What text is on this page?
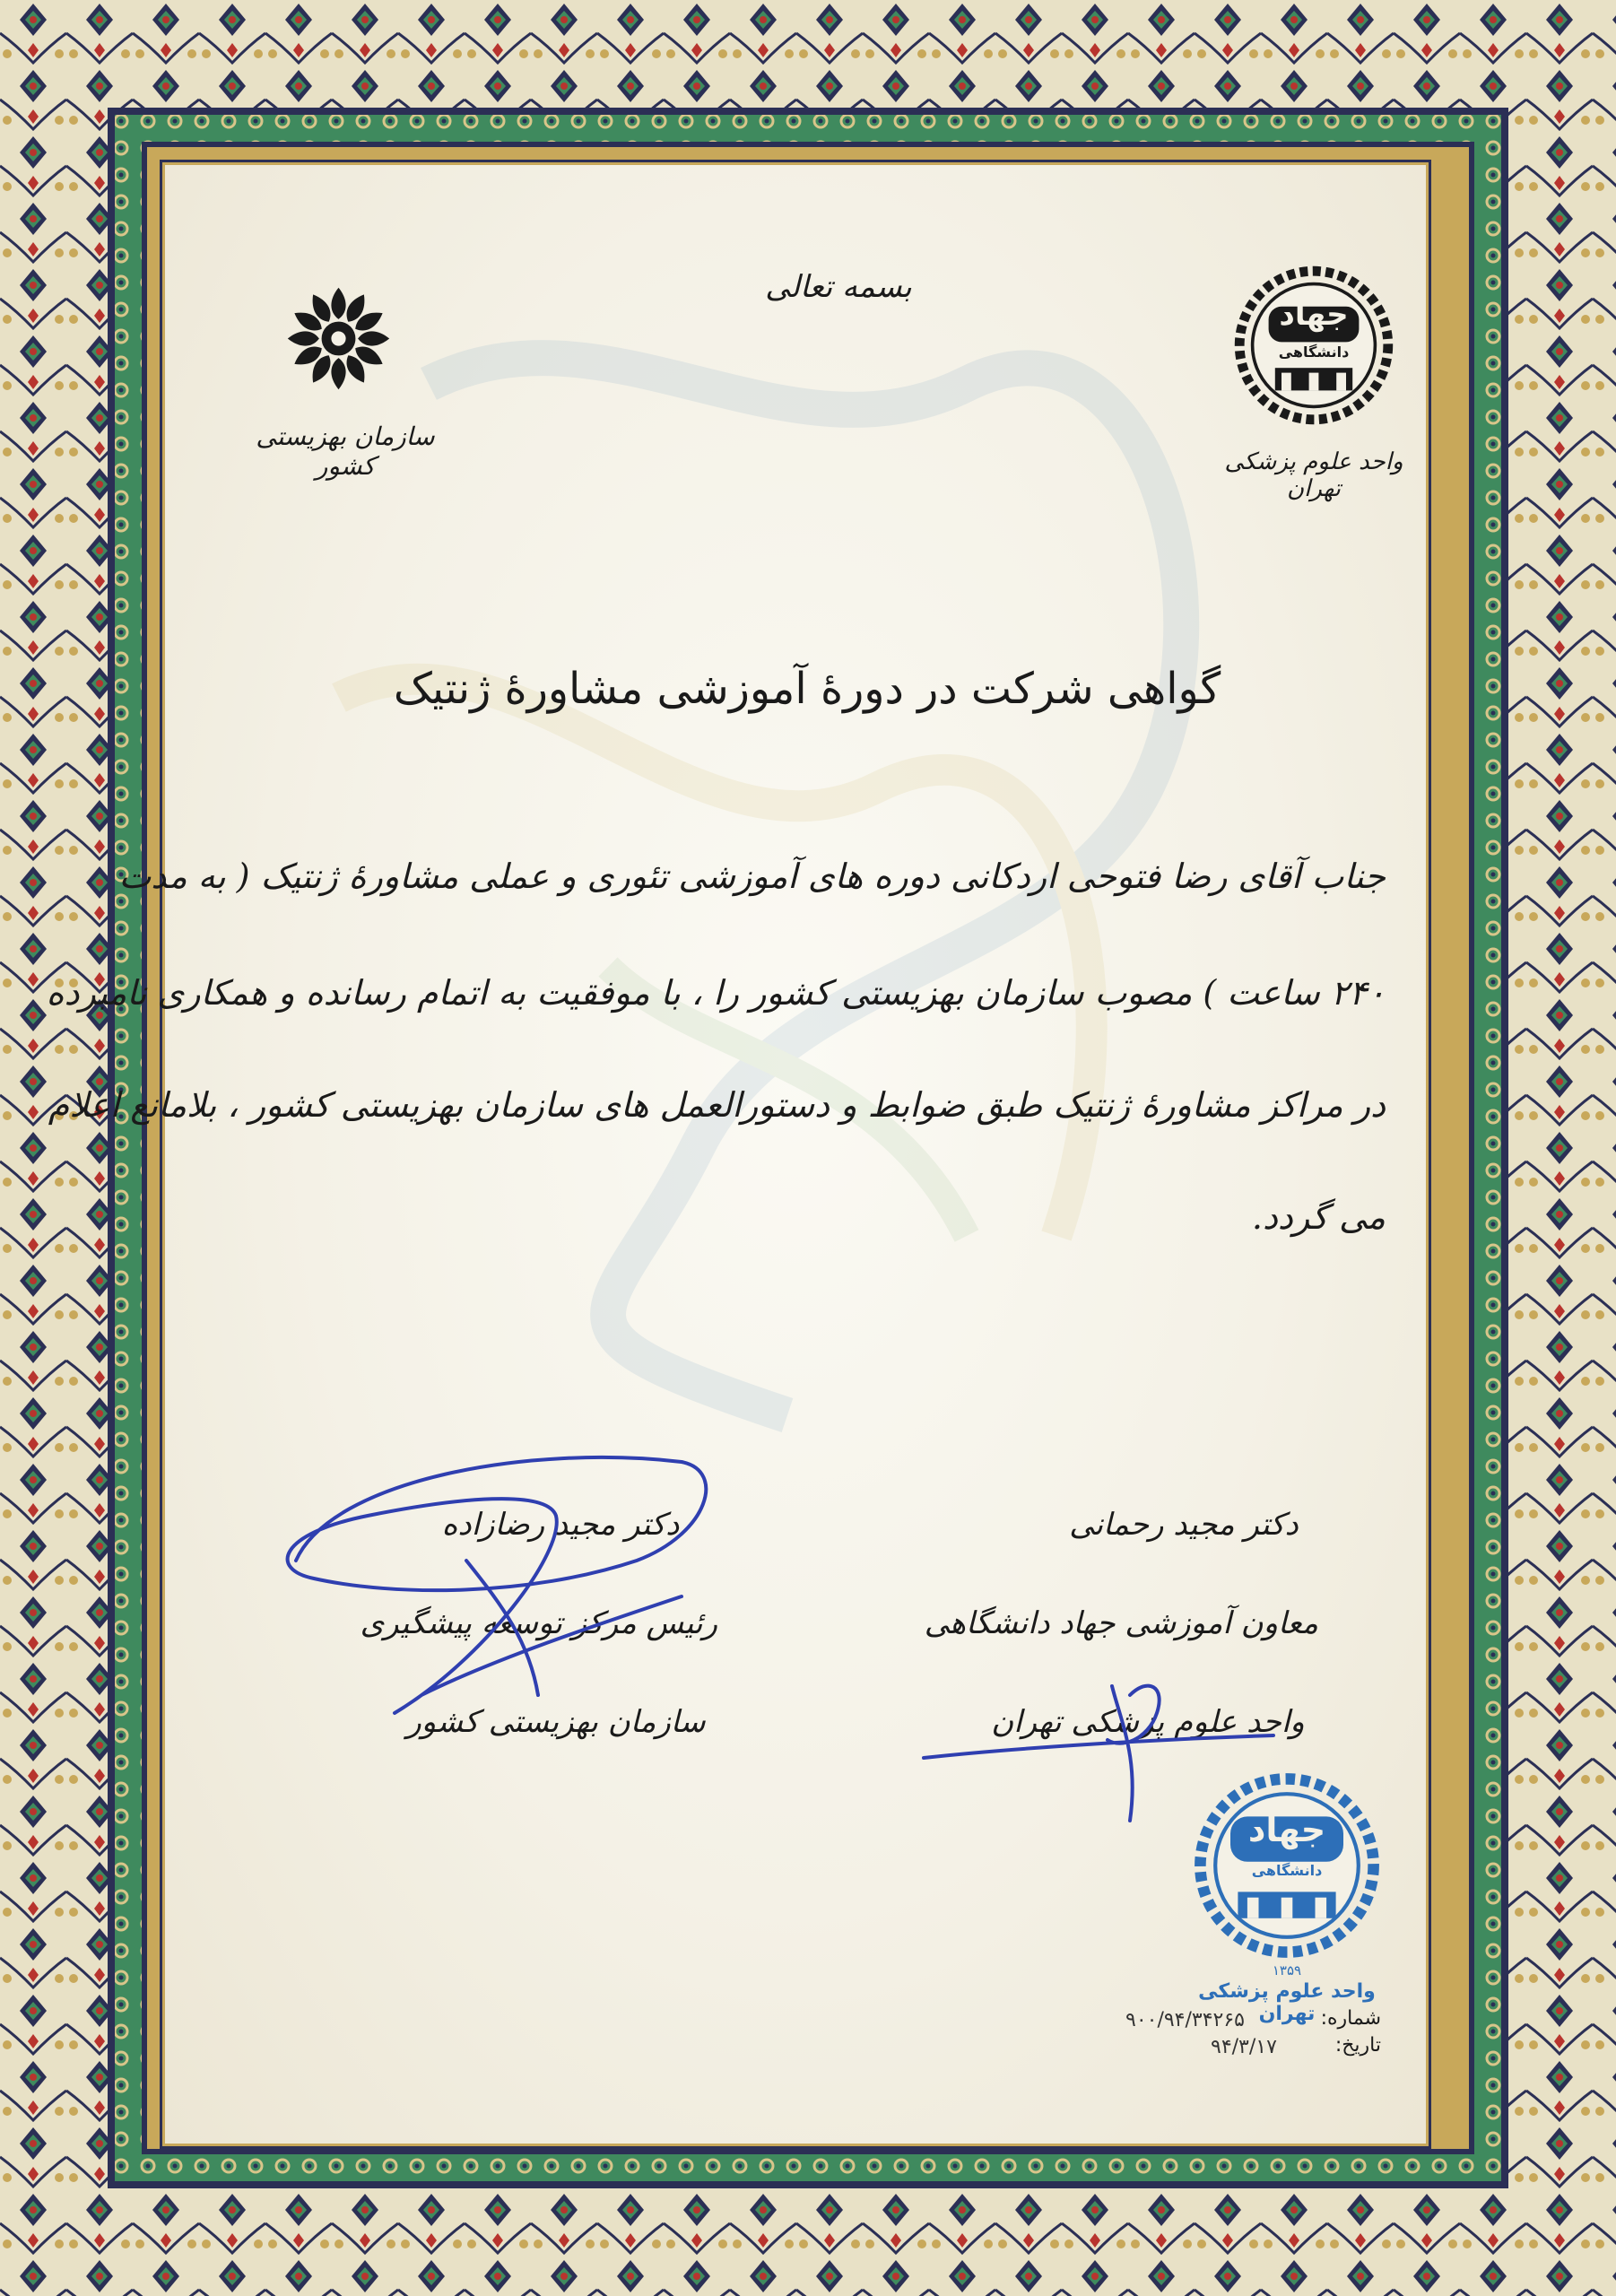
بسمه تعالی
سازمان بهزیستی کشور
جهاد
دانشگاهی
واحد علوم پزشکی تهران
گواهی شرکت در دورهٔ آموزشی مشاورهٔ ژنتیک
جناب آقای رضا فتوحی اردکانی دوره های آموزشی تئوری و عملی مشاورهٔ ژنتیک ( به مدت
۲۴۰ ساعت ) مصوب سازمان بهزیستی کشور را ، با موفقیت به اتمام رسانده و همکاری نامبرده
در مراکز مشاورهٔ ژنتیک طبق ضوابط و دستورالعمل های سازمان بهزیستی کشور ، بلامانع اعلام
می گردد.
دکتر مجید رضازاده
رئیس مرکز توسعه پیشگیری
سازمان بهزیستی کشور
دکتر مجید رحمانی
معاون آموزشی جهاد دانشگاهی
واحد علوم پزشکی تهران
جهاد
دانشگاهی
۱۳۵۹
واحد علوم پزشکی تهران
۹۰۰/۹۴/۳۴۲۶۵	شماره:
۹۴/۳/۱۷	تاریخ:
